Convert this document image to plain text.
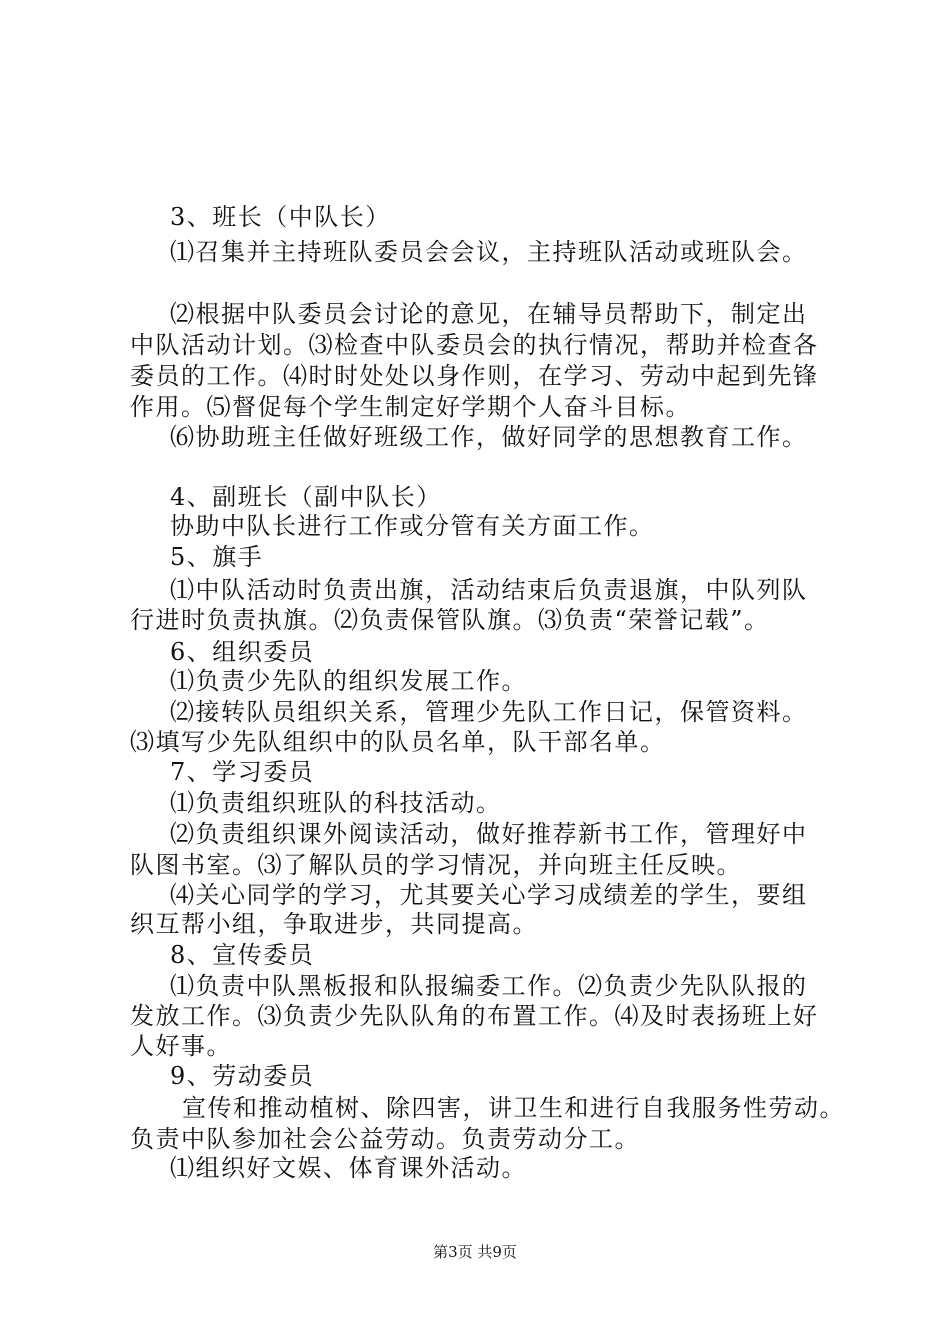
3、班长（中队长）
⑴召集并主持班队委员会会议，主持班队活动或班队会。
⑵根据中队委员会讨论的意见，在辅导员帮助下，制定出
中队活动计划。⑶检查中队委员会的执行情况，帮助并检查各
委员的工作。⑷时时处处以身作则，在学习、劳动中起到先锋
作用。⑸督促每个学生制定好学期个人奋斗目标。
⑹协助班主任做好班级工作，做好同学的思想教育工作。
4、副班长（副中队长）
协助中队长进行工作或分管有关方面工作。
5、旗手
⑴中队活动时负责出旗，活动结束后负责退旗，中队列队
行进时负责执旗。⑵负责保管队旗。⑶负责“荣誉记载”。
6、组织委员
⑴负责少先队的组织发展工作。
⑵接转队员组织关系，管理少先队工作日记，保管资料。
⑶填写少先队组织中的队员名单，队干部名单。
7、学习委员
⑴负责组织班队的科技活动。
⑵负责组织课外阅读活动，做好推荐新书工作，管理好中
队图书室。⑶了解队员的学习情况，并向班主任反映。
⑷关心同学的学习，尤其要关心学习成绩差的学生，要组
织互帮小组，争取进步，共同提高。
8、宣传委员
⑴负责中队黑板报和队报编委工作。⑵负责少先队队报的
发放工作。⑶负责少先队队角的布置工作。⑷及时表扬班上好
人好事。
9、劳动委员
宣传和推动植树、除四害，讲卫生和进行自我服务性劳动。
负责中队参加社会公益劳动。负责劳动分工。
⑴组织好文娱、体育课外活动。
第3页 共9页
